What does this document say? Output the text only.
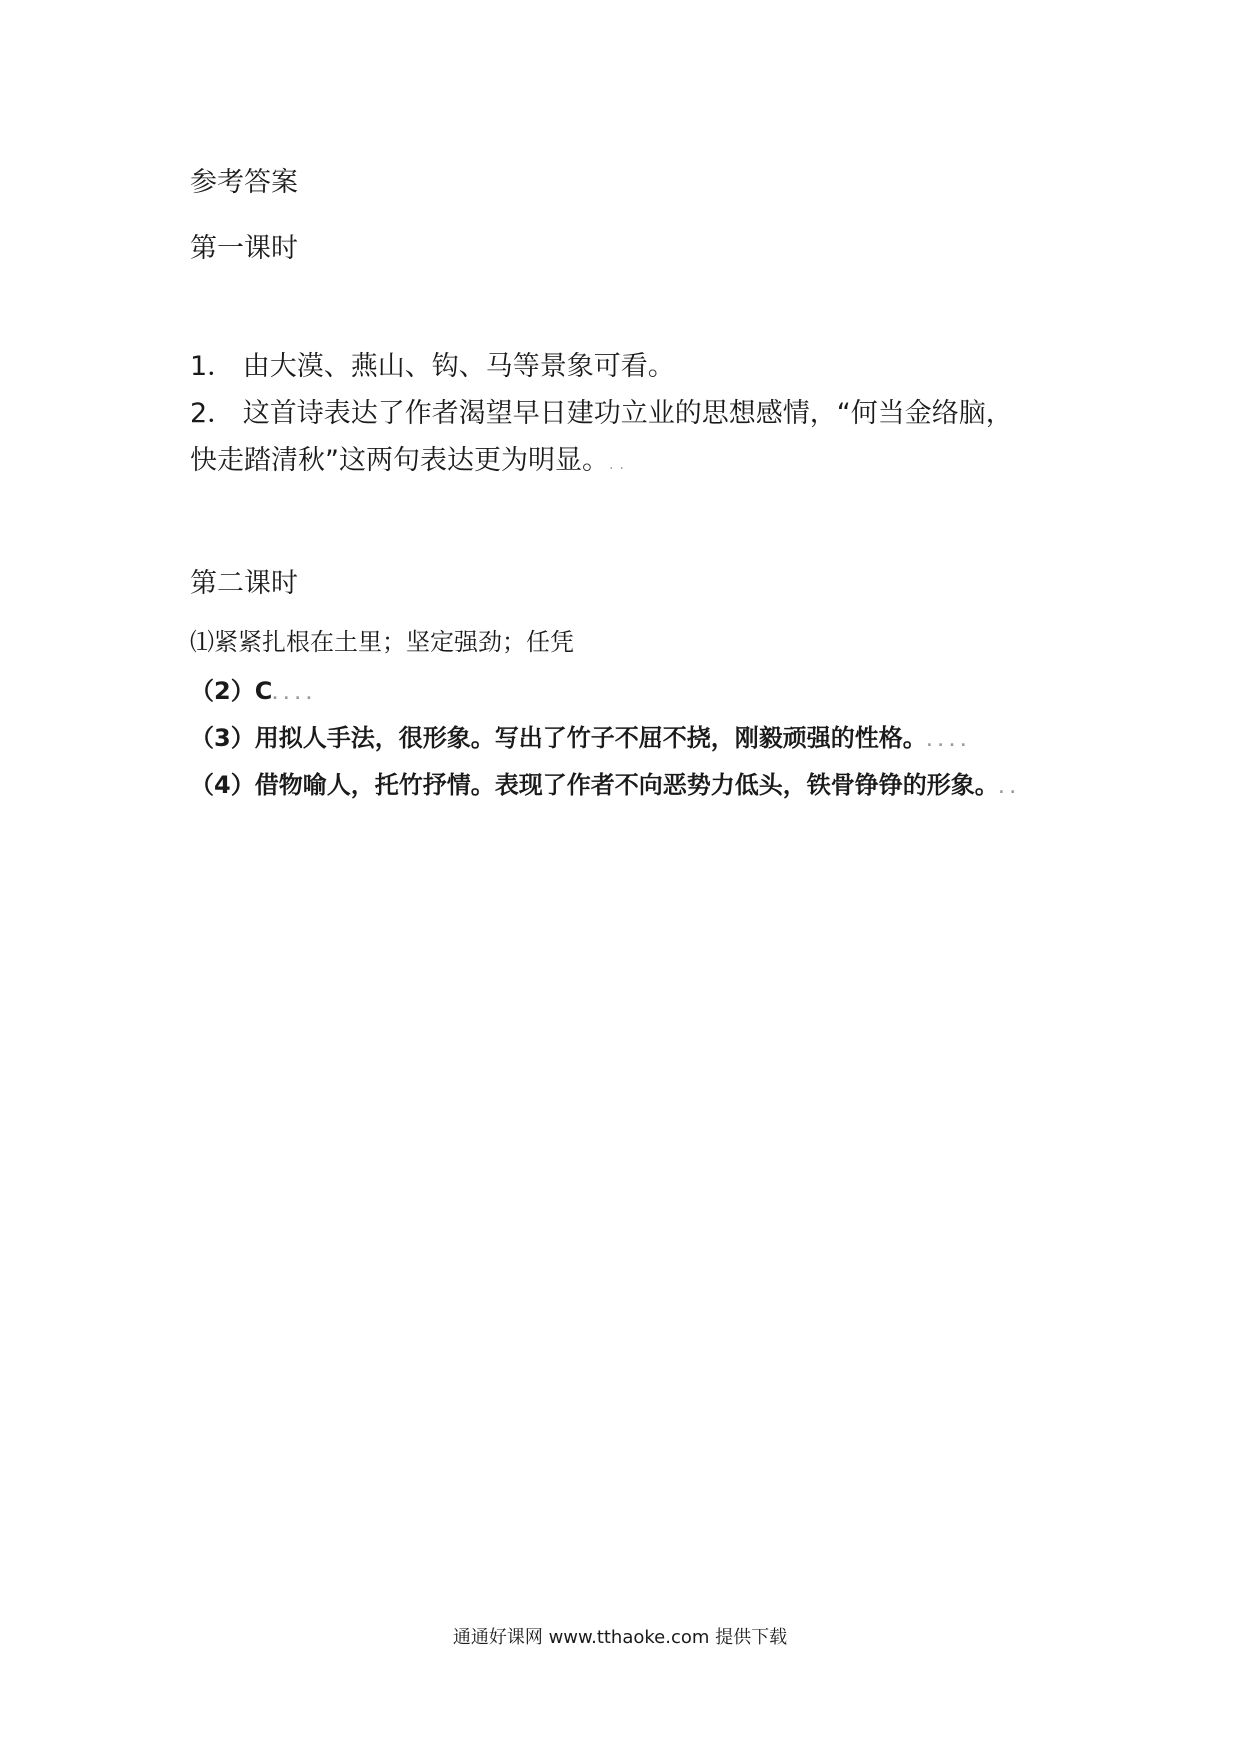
参考答案
第一课时
1． 由大漠、燕山、钩、马等景象可看。
2． 这首诗表达了作者渴望早日建功立业的思想感情，“何当金络脑，
快走踏清秋”这两句表达更为明显。..
第二课时
⑴紧紧扎根在土里；坚定强劲；任凭
（2）C....
（3）用拟人手法，很形象。写出了竹子不屈不挠，刚毅顽强的性格。....
（4）借物喻人，托竹抒情。表现了作者不向恶势力低头，铁骨铮铮的形象。..
通通好课网 www.tthaoke.com 提供下载
